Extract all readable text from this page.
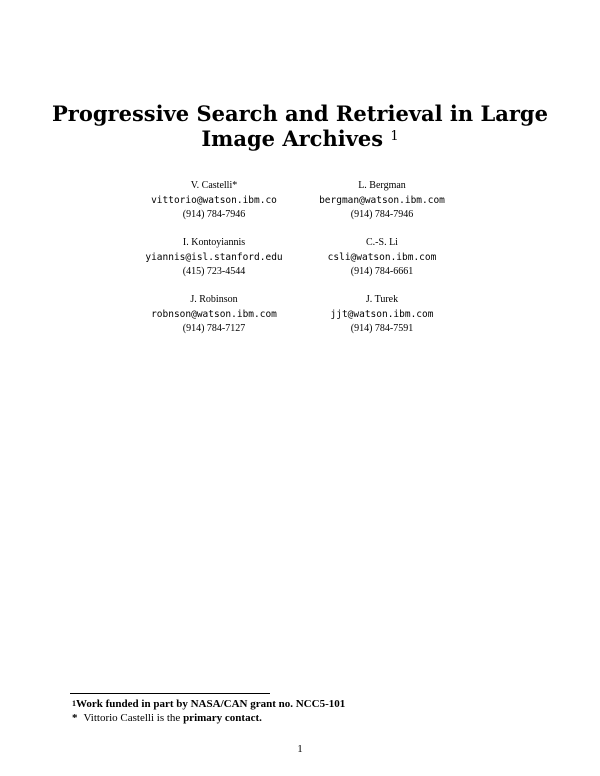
Progressive Search and Retrieval in Large
Image Archives $^1$
V. Castelli*
vittorio@watson.ibm.co
(914) 784-7946
L. Bergman
bergman@watson.ibm.com
(914) 784-7946
I. Kontoyiannis
yiannis@isl.stanford.edu
(415) 723-4544
C.-S. Li
csli@watson.ibm.com
(914) 784-6661
J. Robinson
robnson@watson.ibm.com
(914) 784-7127
J. Turek
jjt@watson.ibm.com
(914) 784-7591
$^1$Work funded in part by NASA/CAN grant no. NCC5-101
* Vittorio Castelli is the primary contact.
1
